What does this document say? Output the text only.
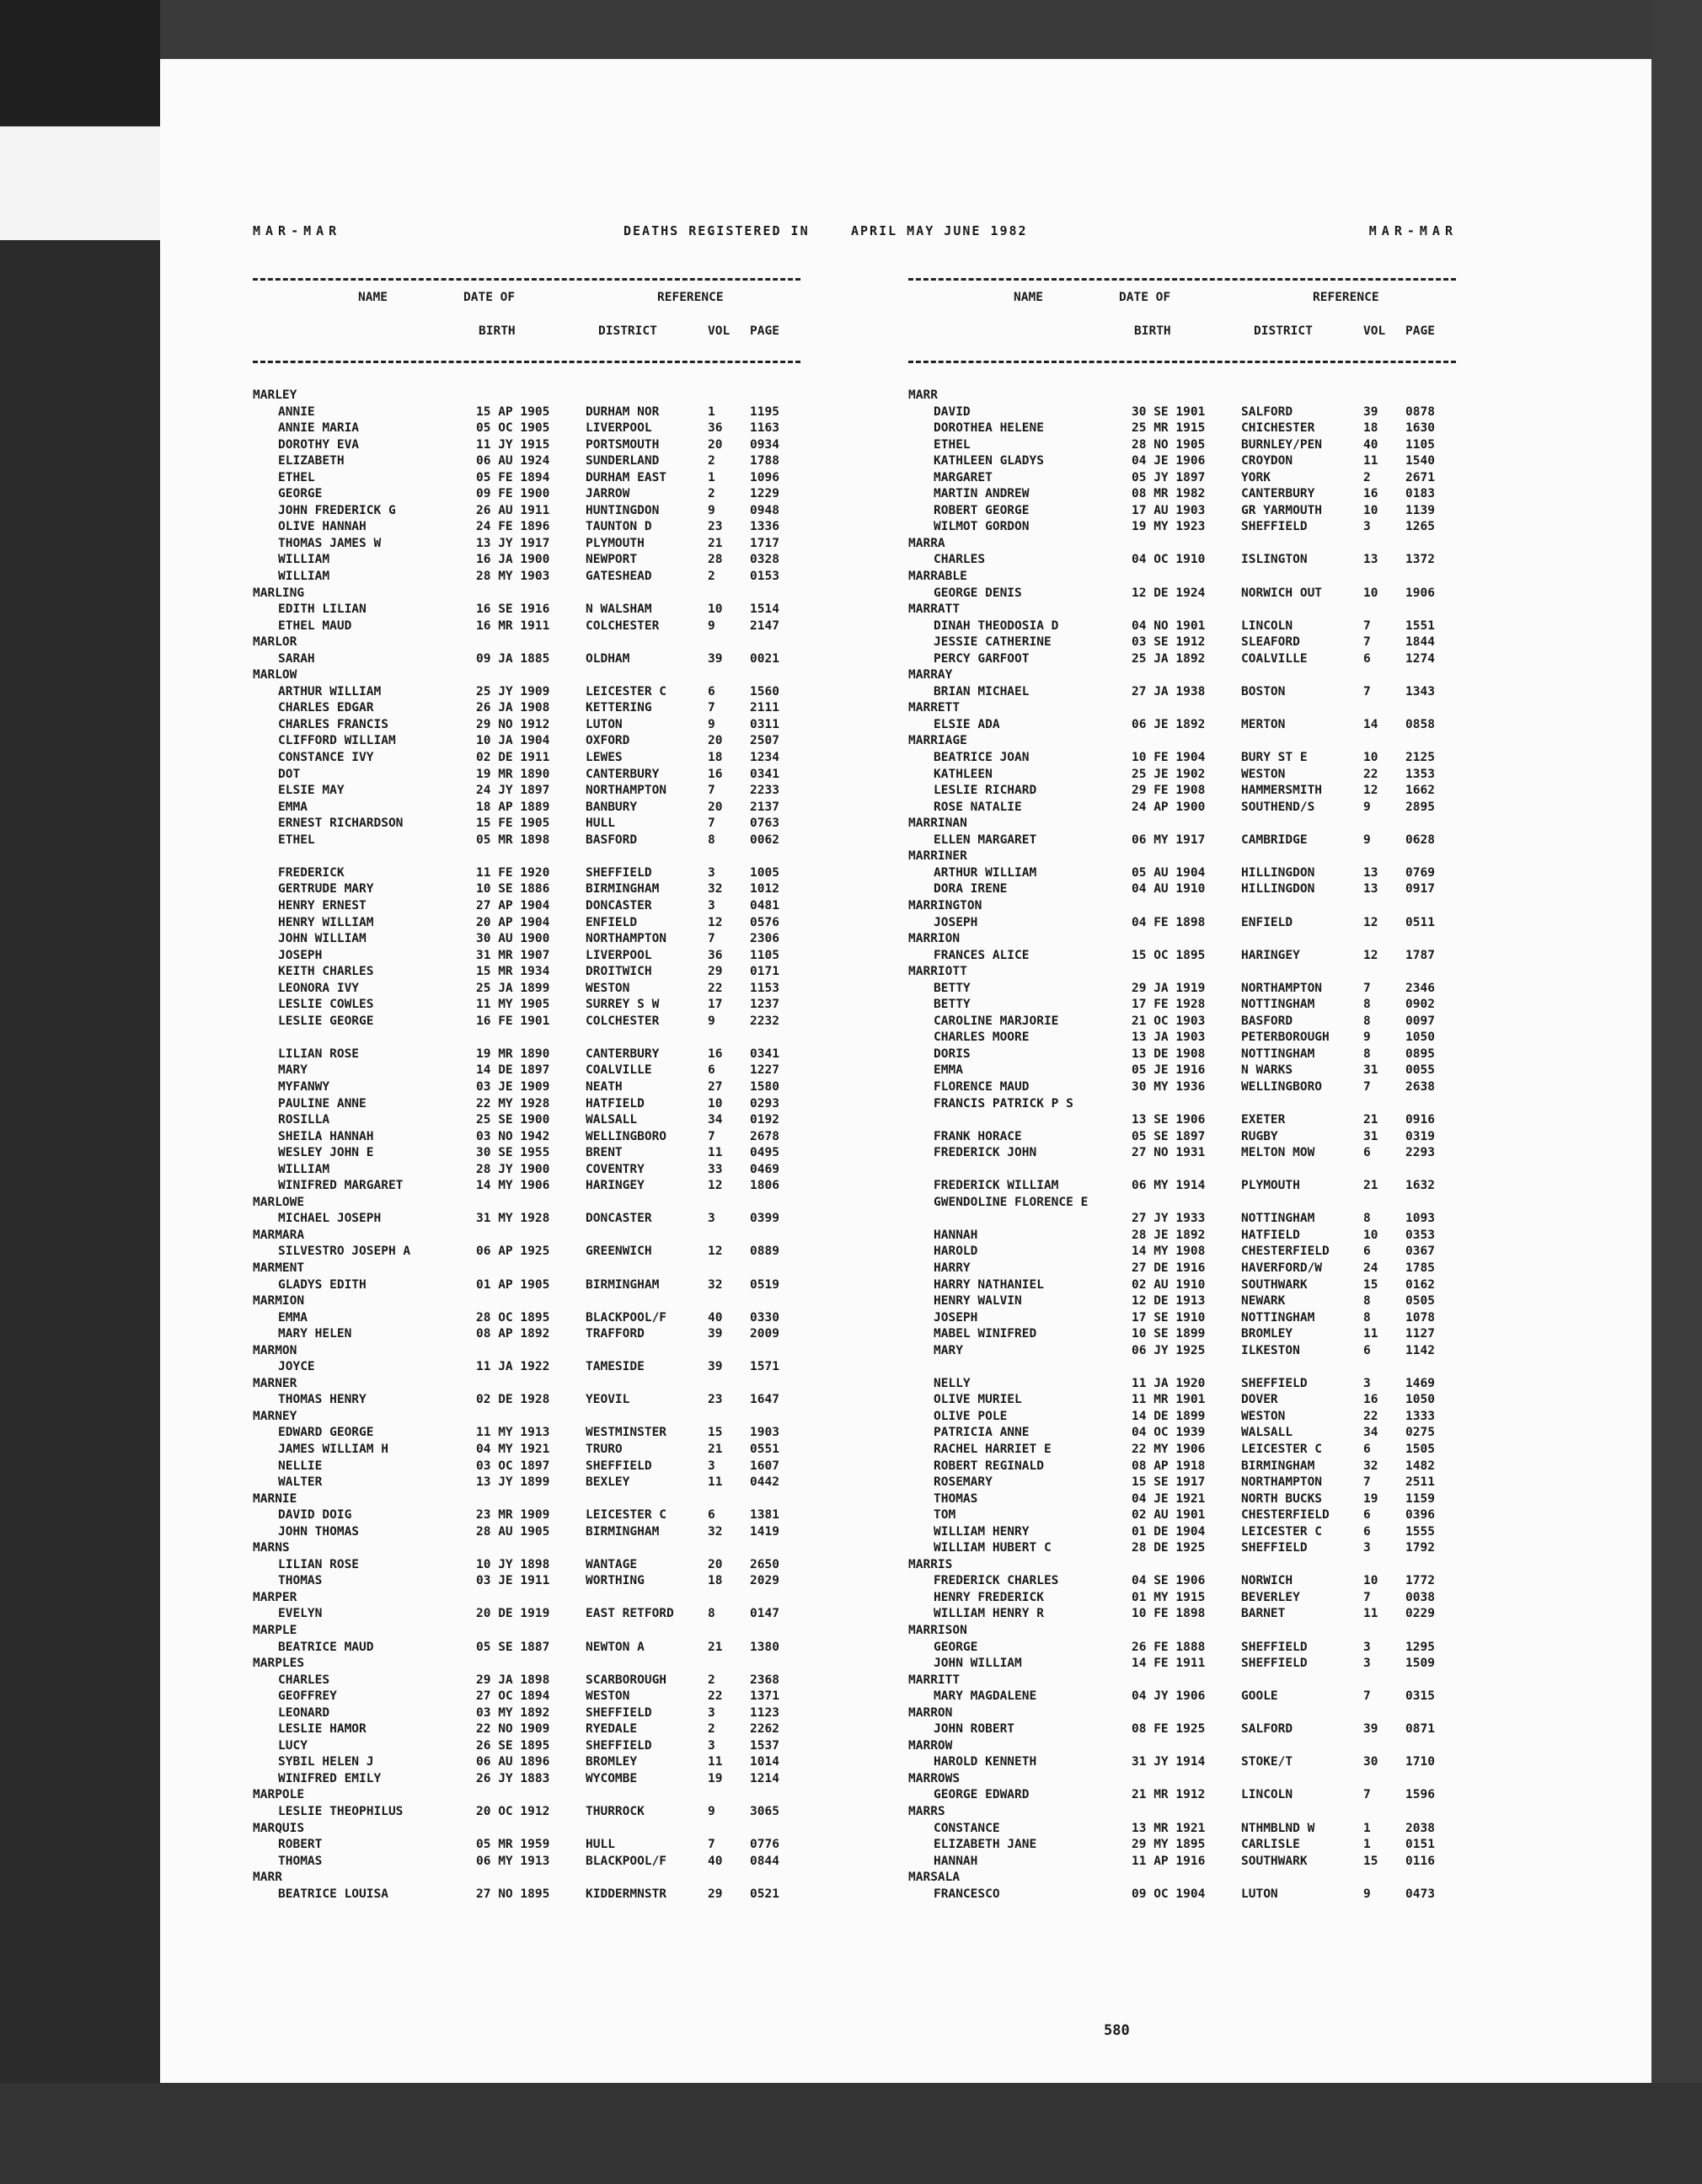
MAR-MAR	DEATHS REGISTERED IN	APRIL MAY JUNE 1982	MAR-MAR
NAME	DATE OF
BIRTH
REFERENCE
DISTRICT	VOL PAGE
MARLEY
ANNIE	15 AP 1905	DURHAM NOR	1	1195
ANNIE MARIA	05 OC 1905	LIVERPOOL	36 1163
DOROTHY EVA	11 JY 1915	PORTSMOUTH	20 0934
ELIZABETH	06 AU 1924	SUNDERLAND	2	1788
ETHEL	05 FE 1894	DURHAM EAST	1	1096
GEORGE	09 FE 1900	JARROW	2	1229
JOHN FREDERICK G	26 AU 1911	HUNTINGDON	9	0948
OLIVE HANNAH	24 FE 1896	TAUNTON D	23 1336
THOMAS JAMES W	13 JY 1917	PLYMOUTH	21 1717
WILLIAM	16 JA 1900	NEWPORT	28 0328
WILLIAM	28 MY 1903	GATESHEAD	2	0153
MARLING
EDITH LILIAN	16 SE 1916	N WALSHAM	10 1514
ETHEL MAUD	16 MR 1911	COLCHESTER	9	2147
MARLOR
SARAH	09 JA 1885	OLDHAM	39 0021
MARLOW
ARTHUR WILLIAM	25 JY 1909	LEICESTER C	6	1560
CHARLES EDGAR	26 JA 1908	KETTERING	7	2111
CHARLES FRANCIS	29 NO 1912	LUTON	9	0311
CLIFFORD WILLIAM	10 JA 1904	OXFORD	20 2507
CONSTANCE IVY	02 DE 1911	LEWES	18 1234
DOT	19 MR 1890	CANTERBURY	16 0341
ELSIE MAY	24 JY 1897	NORTHAMPTON	7	2233
EMMA	18 AP 1889	BANBURY	20 2137
ERNEST RICHARDSON	15 FE 1905	HULL	7	0763
ETHEL	05 MR 1898	BASFORD	8	0062
FREDERICK	11 FE 1920	SHEFFIELD	3	1005
GERTRUDE MARY	10 SE 1886	BIRMINGHAM	32 1012
HENRY ERNEST	27 AP 1904	DONCASTER	3	0481
HENRY WILLIAM	20 AP 1904	ENFIELD	12 0576
JOHN WILLIAM	30 AU 1900	NORTHAMPTON	7	2306
JOSEPH	31 MR 1907	LIVERPOOL	36 1105
KEITH CHARLES	15 MR 1934	DROITWICH	29 0171
LEONORA IVY	25 JA 1899	WESTON	22 1153
LESLIE COWLES	11 MY 1905	SURREY S W	17 1237
LESLIE GEORGE	16 FE 1901	COLCHESTER	9	2232
LILIAN ROSE	19 MR 1890	CANTERBURY	16 0341
MARY	14 DE 1897	COALVILLE	6	1227
MYFANWY	03 JE 1909	NEATH	27 1580
PAULINE ANNE	22 MY 1928	HATFIELD	10 0293
ROSILLA	25 SE 1900	WALSALL	34 0192
SHEILA HANNAH	03 NO 1942	WELLINGBORO	7	2678
WESLEY JOHN E	30 SE 1955	BRENT	11 0495
WILLIAM	28 JY 1900	COVENTRY	33 0469
WINIFRED MARGARET	14 MY 1906	HARINGEY	12 1806
MARLOWE
MICHAEL JOSEPH	31 MY 1928	DONCASTER	3	0399
MARMARA
SILVESTRO JOSEPH A	06 AP 1925	GREENWICH	12 0889
MARMENT
GLADYS EDITH	01 AP 1905	BIRMINGHAM	32 0519
MARMION
EMMA	28 OC 1895	BLACKPOOL/F	40 0330
MARY HELEN	08 AP 1892	TRAFFORD	39 2009
MARMON
JOYCE	11 JA 1922	TAMESIDE	39 1571
MARNER
THOMAS HENRY	02 DE 1928	YEOVIL	23 1647
MARNEY
EDWARD GEORGE	11 MY 1913	WESTMINSTER	15 1903
JAMES WILLIAM H	04 MY 1921	TRURO	21 0551
NELLIE	03 OC 1897	SHEFFIELD	3	1607
WALTER	13 JY 1899	BEXLEY	11 0442
MARNIE
DAVID DOIG	23 MR 1909	LEICESTER C	6	1381
JOHN THOMAS	28 AU 1905	BIRMINGHAM	32 1419
MARNS
LILIAN ROSE	10 JY 1898	WANTAGE	20 2650
THOMAS	03 JE 1911	WORTHING	18 2029
MARPER
EVELYN	20 DE 1919	EAST RETFORD	8	0147
MARPLE
BEATRICE MAUD	05 SE 1887	NEWTON A	21 1380
MARPLES
CHARLES	29 JA 1898	SCARBOROUGH	2	2368
GEOFFREY	27 OC 1894	WESTON	22 1371
LEONARD	03 MY 1892	SHEFFIELD	3	1123
LESLIE HAMOR	22 NO 1909	RYEDALE	2	2262
LUCY	26 SE 1895	SHEFFIELD	3	1537
SYBIL HELEN J	06 AU 1896	BROMLEY	11 1014
WINIFRED EMILY	26 JY 1883	WYCOMBE	19 1214
MARPOLE
LESLIE THEOPHILUS	20 OC 1912	THURROCK	9	3065
MARQUIS
ROBERT	05 MR 1959	HULL	7	0776
THOMAS	06 MY 1913	BLACKPOOL/F	40 0844
MARR
BEATRICE LOUISA	27 NO 1895	KIDDERMNSTR	29 0521
NAME	DATE OF
BIRTH
REFERENCE
DISTRICT	VOL PAGE
MARR
DAVID	30 SE 1901	SALFORD	39 0878
DOROTHEA HELENE	25 MR 1915	CHICHESTER	18 1630
ETHEL	28 NO 1905	BURNLEY/PEN	40 1105
KATHLEEN GLADYS	04 JE 1906	CROYDON	11 1540
MARGARET	05 JY 1897	YORK	2	2671
MARTIN ANDREW	08 MR 1982	CANTERBURY	16 0183
ROBERT GEORGE	17 AU 1903	GR YARMOUTH	10 1139
WILMOT GORDON	19 MY 1923	SHEFFIELD	3	1265
MARRA
CHARLES	04 OC 1910	ISLINGTON	13 1372
MARRABLE
GEORGE DENIS	12 DE 1924	NORWICH OUT	10 1906
MARRATT
DINAH THEODOSIA D	04 NO 1901	LINCOLN	7	1551
JESSIE CATHERINE	03 SE 1912	SLEAFORD	7	1844
PERCY GARFOOT	25 JA 1892	COALVILLE	6	1274
MARRAY
BRIAN MICHAEL	27 JA 1938	BOSTON	7	1343
MARRETT
ELSIE ADA	06 JE 1892	MERTON	14 0858
MARRIAGE
BEATRICE JOAN	10 FE 1904	BURY ST E	10 2125
KATHLEEN	25 JE 1902	WESTON	22 1353
LESLIE RICHARD	29 FE 1908	HAMMERSMITH	12 1662
ROSE NATALIE	24 AP 1900	SOUTHEND/S	9	2895
MARRINAN
ELLEN MARGARET	06 MY 1917	CAMBRIDGE	9	0628
MARRINER
ARTHUR WILLIAM	05 AU 1904	HILLINGDON	13 0769
DORA IRENE	04 AU 1910	HILLINGDON	13 0917
MARRINGTON
JOSEPH	04 FE 1898	ENFIELD	12 0511
MARRION
FRANCES ALICE	15 OC 1895	HARINGEY	12 1787
MARRIOTT
BETTY	29 JA 1919	NORTHAMPTON	7	2346
BETTY	17 FE 1928	NOTTINGHAM	8	0902
CAROLINE MARJORIE	21 OC 1903	BASFORD	8	0097
CHARLES MOORE	13 JA 1903	PETERBOROUGH	9	1050
DORIS	13 DE 1908	NOTTINGHAM	8	0895
EMMA	05 JE 1916	N WARKS	31 0055
FLORENCE MAUD	30 MY 1936	WELLINGBORO	7	2638
FRANCIS PATRICK P S
13 SE 1906	EXETER	21 0916
FRANK HORACE	05 SE 1897	RUGBY	31 0319
FREDERICK JOHN	27 NO 1931	MELTON MOW	6	2293
FREDERICK WILLIAM	06 MY 1914	PLYMOUTH	21 1632
GWENDOLINE FLORENCE E
27 JY 1933	NOTTINGHAM	8	1093
HANNAH	28 JE 1892	HATFIELD	10 0353
HAROLD	14 MY 1908	CHESTERFIELD	6	0367
HARRY	27 DE 1916	HAVERFORD/W	24 1785
HARRY NATHANIEL	02 AU 1910	SOUTHWARK	15 0162
HENRY WALVIN	12 DE 1913	NEWARK	8	0505
JOSEPH	17 SE 1910	NOTTINGHAM	8	1078
MABEL WINIFRED	10 SE 1899	BROMLEY	11 1127
MARY	06 JY 1925	ILKESTON	6	1142
NELLY	11 JA 1920	SHEFFIELD	3	1469
OLIVE MURIEL	11 MR 1901	DOVER	16 1050
OLIVE POLE	14 DE 1899	WESTON	22 1333
PATRICIA ANNE	04 OC 1939	WALSALL	34 0275
RACHEL HARRIET E	22 MY 1906	LEICESTER C	6	1505
ROBERT REGINALD	08 AP 1918	BIRMINGHAM	32 1482
ROSEMARY	15 SE 1917	NORTHAMPTON	7	2511
THOMAS	04 JE 1921	NORTH BUCKS	19 1159
TOM	02 AU 1901	CHESTERFIELD	6	0396
WILLIAM HENRY	01 DE 1904	LEICESTER C	6	1555
WILLIAM HUBERT C	28 DE 1925	SHEFFIELD	3	1792
MARRIS
FREDERICK CHARLES	04 SE 1906	NORWICH	10 1772
HENRY FREDERICK	01 MY 1915	BEVERLEY	7	0038
WILLIAM HENRY R	10 FE 1898	BARNET	11 0229
MARRISON
GEORGE	26 FE 1888	SHEFFIELD	3	1295
JOHN WILLIAM	14 FE 1911	SHEFFIELD	3	1509
MARRITT
MARY MAGDALENE	04 JY 1906	GOOLE	7	0315
MARRON
JOHN ROBERT	08 FE 1925	SALFORD	39 0871
MARROW
HAROLD KENNETH	31 JY 1914	STOKE/T	30 1710
MARROWS
GEORGE EDWARD	21 MR 1912	LINCOLN	7	1596
MARRS
CONSTANCE	13 MR 1921	NTHMBLND W	1	2038
ELIZABETH JANE	29 MY 1895	CARLISLE	1	0151
HANNAH	11 AP 1916	SOUTHWARK	15 0116
MARSALA
FRANCESCO	09 OC 1904	LUTON	9	0473
580
